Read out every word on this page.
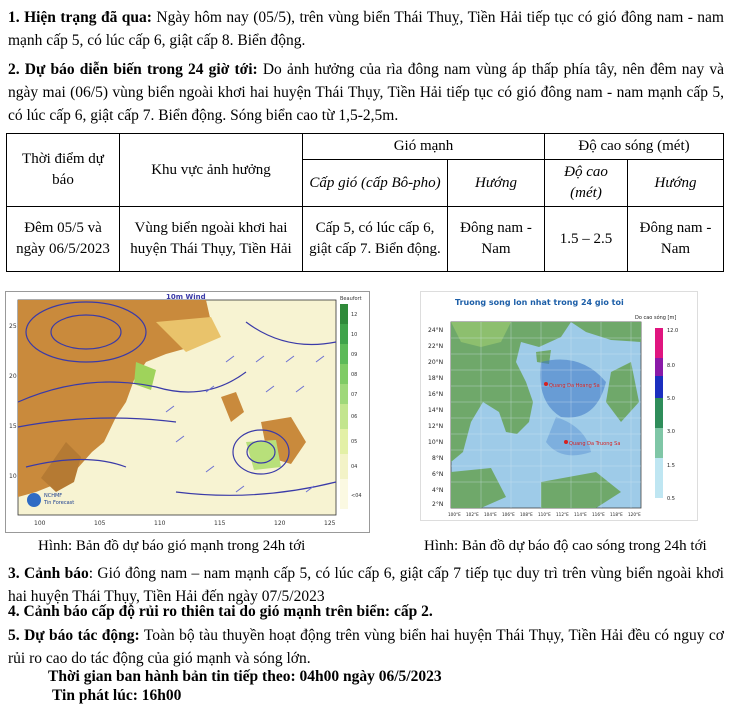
1. Hiện trạng đã qua: Ngày hôm nay (05/5), trên vùng biển Thái Thuỵ, Tiền Hải tiếp tục có gió đông nam - nam mạnh cấp 5, có lúc cấp 6, giật cấp 8. Biển động.
2. Dự báo diễn biến trong 24 giờ tới: Do ảnh hưởng của rìa đông nam vùng áp thấp phía tây, nên đêm nay và ngày mai (06/5) vùng biển ngoài khơi hai huyện Thái Thụy, Tiền Hải tiếp tục có gió đông nam - nam mạnh cấp 5, có lúc cấp 6, giật cấp 7. Biển động. Sóng biển cao từ 1,5-2,5m.
Thời điểm dự báo	Khu vực ảnh hưởng	Gió mạnh		Độ cao sóng (mét)	
		Cấp gió (cấp Bô-pho)	Hướng	Độ cao (mét)	Hướng
Đêm 05/5 và ngày 06/5/2023	Vùng biển ngoài khơi hai huyện Thái Thụy, Tiền Hải	Cấp 5, có lúc cấp 6, giật cấp 7. Biển động.	Đông nam - Nam	1.5 – 2.5	Đông nam - Nam
25
20
15
10
100	105	110	115	120	125
10m Wind
NCHMF
Tin Forecast
Beaufort
12
10
09
08
07
06
05
04
<04
Truong song lon nhat trong 24 gio toi
Quang Da Hoang Sa
Quang Da Truong Sa
24°N
22°N
20°N
18°N
16°N
14°N
12°N
10°N
8°N
6°N
4°N
2°N
100°E 102°E 104°E 106°E 108°E 110°E 112°E 114°E 116°E 118°E 120°E
Do cao sóng [m]
12.0
8.0
5.0
3.0
1.5
0.5
Hình: Bản đồ dự báo gió mạnh trong 24h tới	Hình: Bản đồ dự báo độ cao sóng trong 24h tới
3. Cảnh báo: Gió đông nam – nam mạnh cấp 5, có lúc cấp 6, giật cấp 7 tiếp tục duy trì trên vùng biển ngoài khơi hai huyện Thái Thụy, Tiền Hải đến ngày 07/5/2023
4. Cảnh báo cấp độ rủi ro thiên tai do gió mạnh trên biển: cấp 2.
5. Dự báo tác động: Toàn bộ tàu thuyền hoạt động trên vùng biển hai huyện Thái Thụy, Tiền Hải đều có nguy cơ rủi ro cao do tác động của gió mạnh và sóng lớn.
Thời gian ban hành bản tin tiếp theo: 04h00 ngày 06/5/2023
Tin phát lúc: 16h00
